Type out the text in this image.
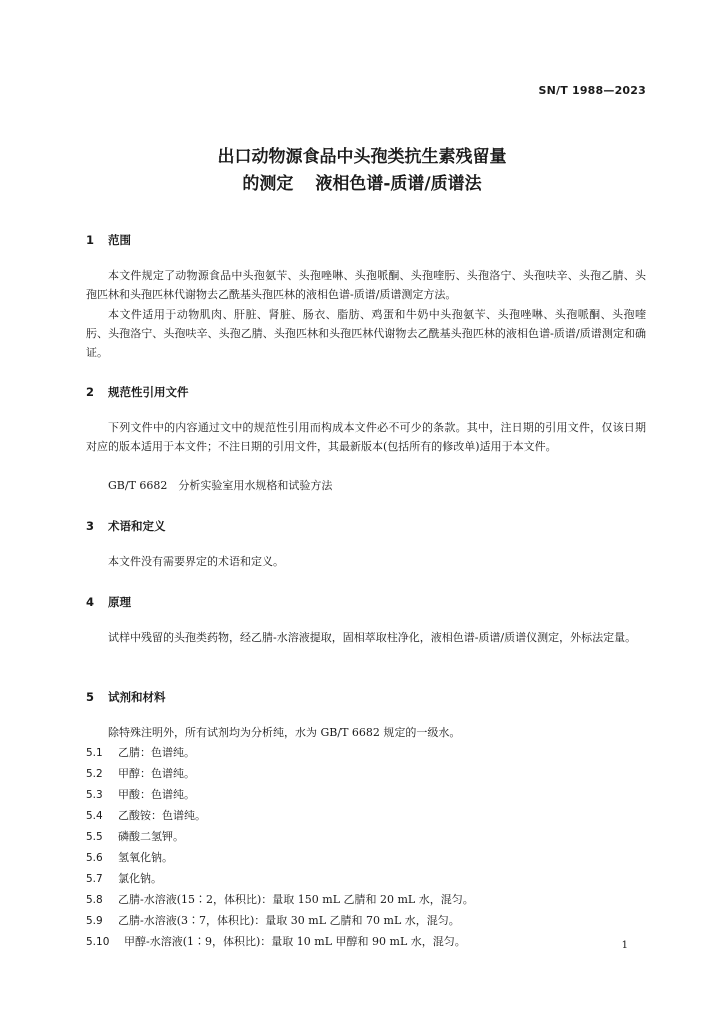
SN/T 1988—2023
出口动物源食品中头孢类抗生素残留量
的测定 液相色谱-质谱/质谱法
1 范围
本文件规定了动物源食品中头孢氨苄、头孢唑啉、头孢哌酮、头孢喹肟、头孢洛宁、头孢呋辛、头孢乙腈、头孢匹林和头孢匹林代谢物去乙酰基头孢匹林的液相色谱-质谱/质谱测定方法。
本文件适用于动物肌肉、肝脏、肾脏、肠衣、脂肪、鸡蛋和牛奶中头孢氨苄、头孢唑啉、头孢哌酮、头孢喹肟、头孢洛宁、头孢呋辛、头孢乙腈、头孢匹林和头孢匹林代谢物去乙酰基头孢匹林的液相色谱-质谱/质谱测定和确证。
2 规范性引用文件
下列文件中的内容通过文中的规范性引用而构成本文件必不可少的条款。其中，注日期的引用文件，仅该日期对应的版本适用于本文件；不注日期的引用文件，其最新版本(包括所有的修改单)适用于本文件。
GB/T 6682　分析实验室用水规格和试验方法
3 术语和定义
本文件没有需要界定的术语和定义。
4 原理
试样中残留的头孢类药物，经乙腈-水溶液提取，固相萃取柱净化，液相色谱-质谱/质谱仪测定，外标法定量。
5 试剂和材料
除特殊注明外，所有试剂均为分析纯，水为 GB/T 6682 规定的一级水。
5.1 乙腈：色谱纯。
5.2 甲醇：色谱纯。
5.3 甲酸：色谱纯。
5.4 乙酸铵：色谱纯。
5.5 磷酸二氢钾。
5.6 氢氧化钠。
5.7 氯化钠。
5.8 乙腈-水溶液(15∶2，体积比)：量取 150 mL 乙腈和 20 mL 水，混匀。
5.9 乙腈-水溶液(3∶7，体积比)：量取 30 mL 乙腈和 70 mL 水，混匀。
5.10 甲醇-水溶液(1∶9，体积比)：量取 10 mL 甲醇和 90 mL 水，混匀。	1
